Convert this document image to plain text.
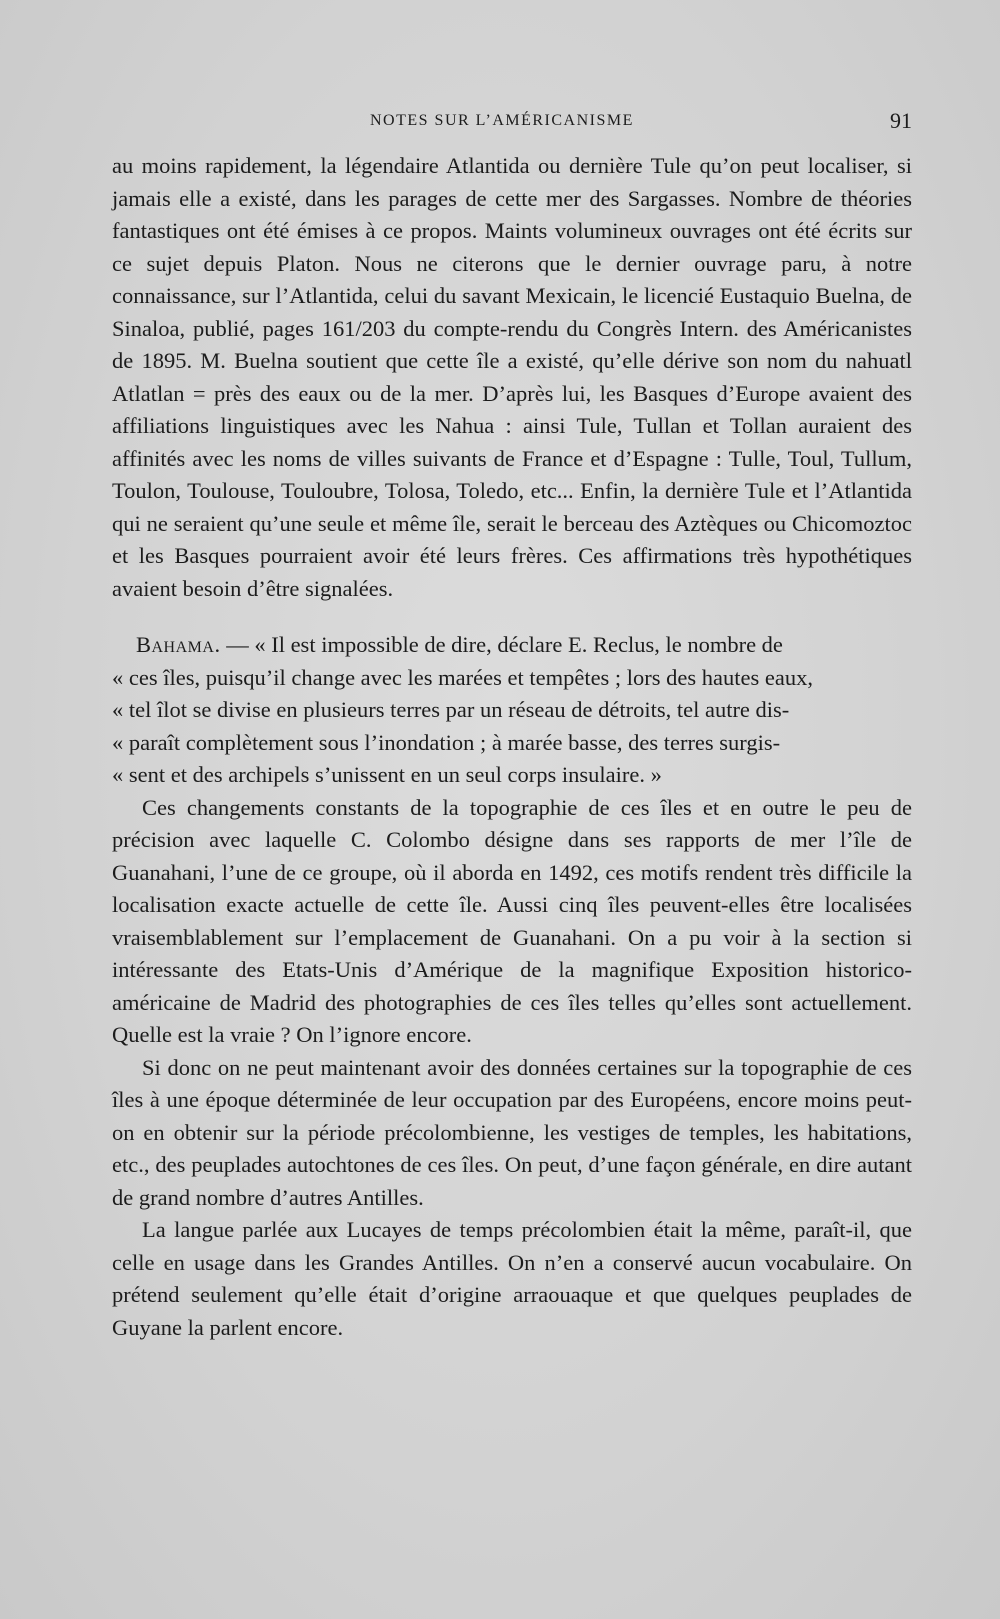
NOTES SUR L’AMÉRICANISME	91

au moins rapidement, la légendaire Atlantida ou dernière Tule qu’on peut localiser, si jamais elle a existé, dans les parages de cette mer des Sargasses. Nombre de théories fantastiques ont été émises à ce propos. Maints volumineux ouvrages ont été écrits sur ce sujet depuis Platon. Nous ne citerons que le dernier ouvrage paru, à notre connaissance, sur l’Atlantida, celui du savant Mexicain, le licencié Eustaquio Buelna, de Sinaloa, publié, pages 161/203 du compte-rendu du Congrès Intern. des Américanistes de 1895. M. Buelna soutient que cette île a existé, qu’elle dérive son nom du nahuatl Atlatlan = près des eaux ou de la mer. D’après lui, les Basques d’Europe avaient des affiliations linguistiques avec les Nahua : ainsi Tule, Tullan et Tollan auraient des affinités avec les noms de villes suivants de France et d’Espagne : Tulle, Toul, Tullum, Toulon, Toulouse, Touloubre, Tolosa, Toledo, etc... Enfin, la dernière Tule et l’Atlantida qui ne seraient qu’une seule et même île, serait le berceau des Aztèques ou Chicomoztoc et les Basques pourraient avoir été leurs frères. Ces affirmations très hypothétiques avaient besoin d’être signalées.

Bahama. — « Il est impossible de dire, déclare E. Reclus, le nombre de

« ces îles, puisqu’il change avec les marées et tempêtes ; lors des hautes eaux,

« tel îlot se divise en plusieurs terres par un réseau de détroits, tel autre dis-

« paraît complètement sous l’inondation ; à marée basse, des terres surgis-

« sent et des archipels s’unissent en un seul corps insulaire. »

Ces changements constants de la topographie de ces îles et en outre le peu de précision avec laquelle C. Colombo désigne dans ses rapports de mer l’île de Guanahani, l’une de ce groupe, où il aborda en 1492, ces motifs rendent très difficile la localisation exacte actuelle de cette île. Aussi cinq îles peuvent-elles être localisées vraisemblablement sur l’emplacement de Guanahani. On a pu voir à la section si intéressante des Etats-Unis d’Amérique de la magnifique Exposition historico-américaine de Madrid des photographies de ces îles telles qu’elles sont actuellement. Quelle est la vraie ? On l’ignore encore.

Si donc on ne peut maintenant avoir des données certaines sur la topographie de ces îles à une époque déterminée de leur occupation par des Européens, encore moins peut-on en obtenir sur la période précolombienne, les vestiges de temples, les habitations, etc., des peuplades autochtones de ces îles. On peut, d’une façon générale, en dire autant de grand nombre d’autres Antilles.

La langue parlée aux Lucayes de temps précolombien était la même, paraît-il, que celle en usage dans les Grandes Antilles. On n’en a conservé aucun vocabulaire. On prétend seulement qu’elle était d’origine arraouaque et que quelques peuplades de Guyane la parlent encore.
